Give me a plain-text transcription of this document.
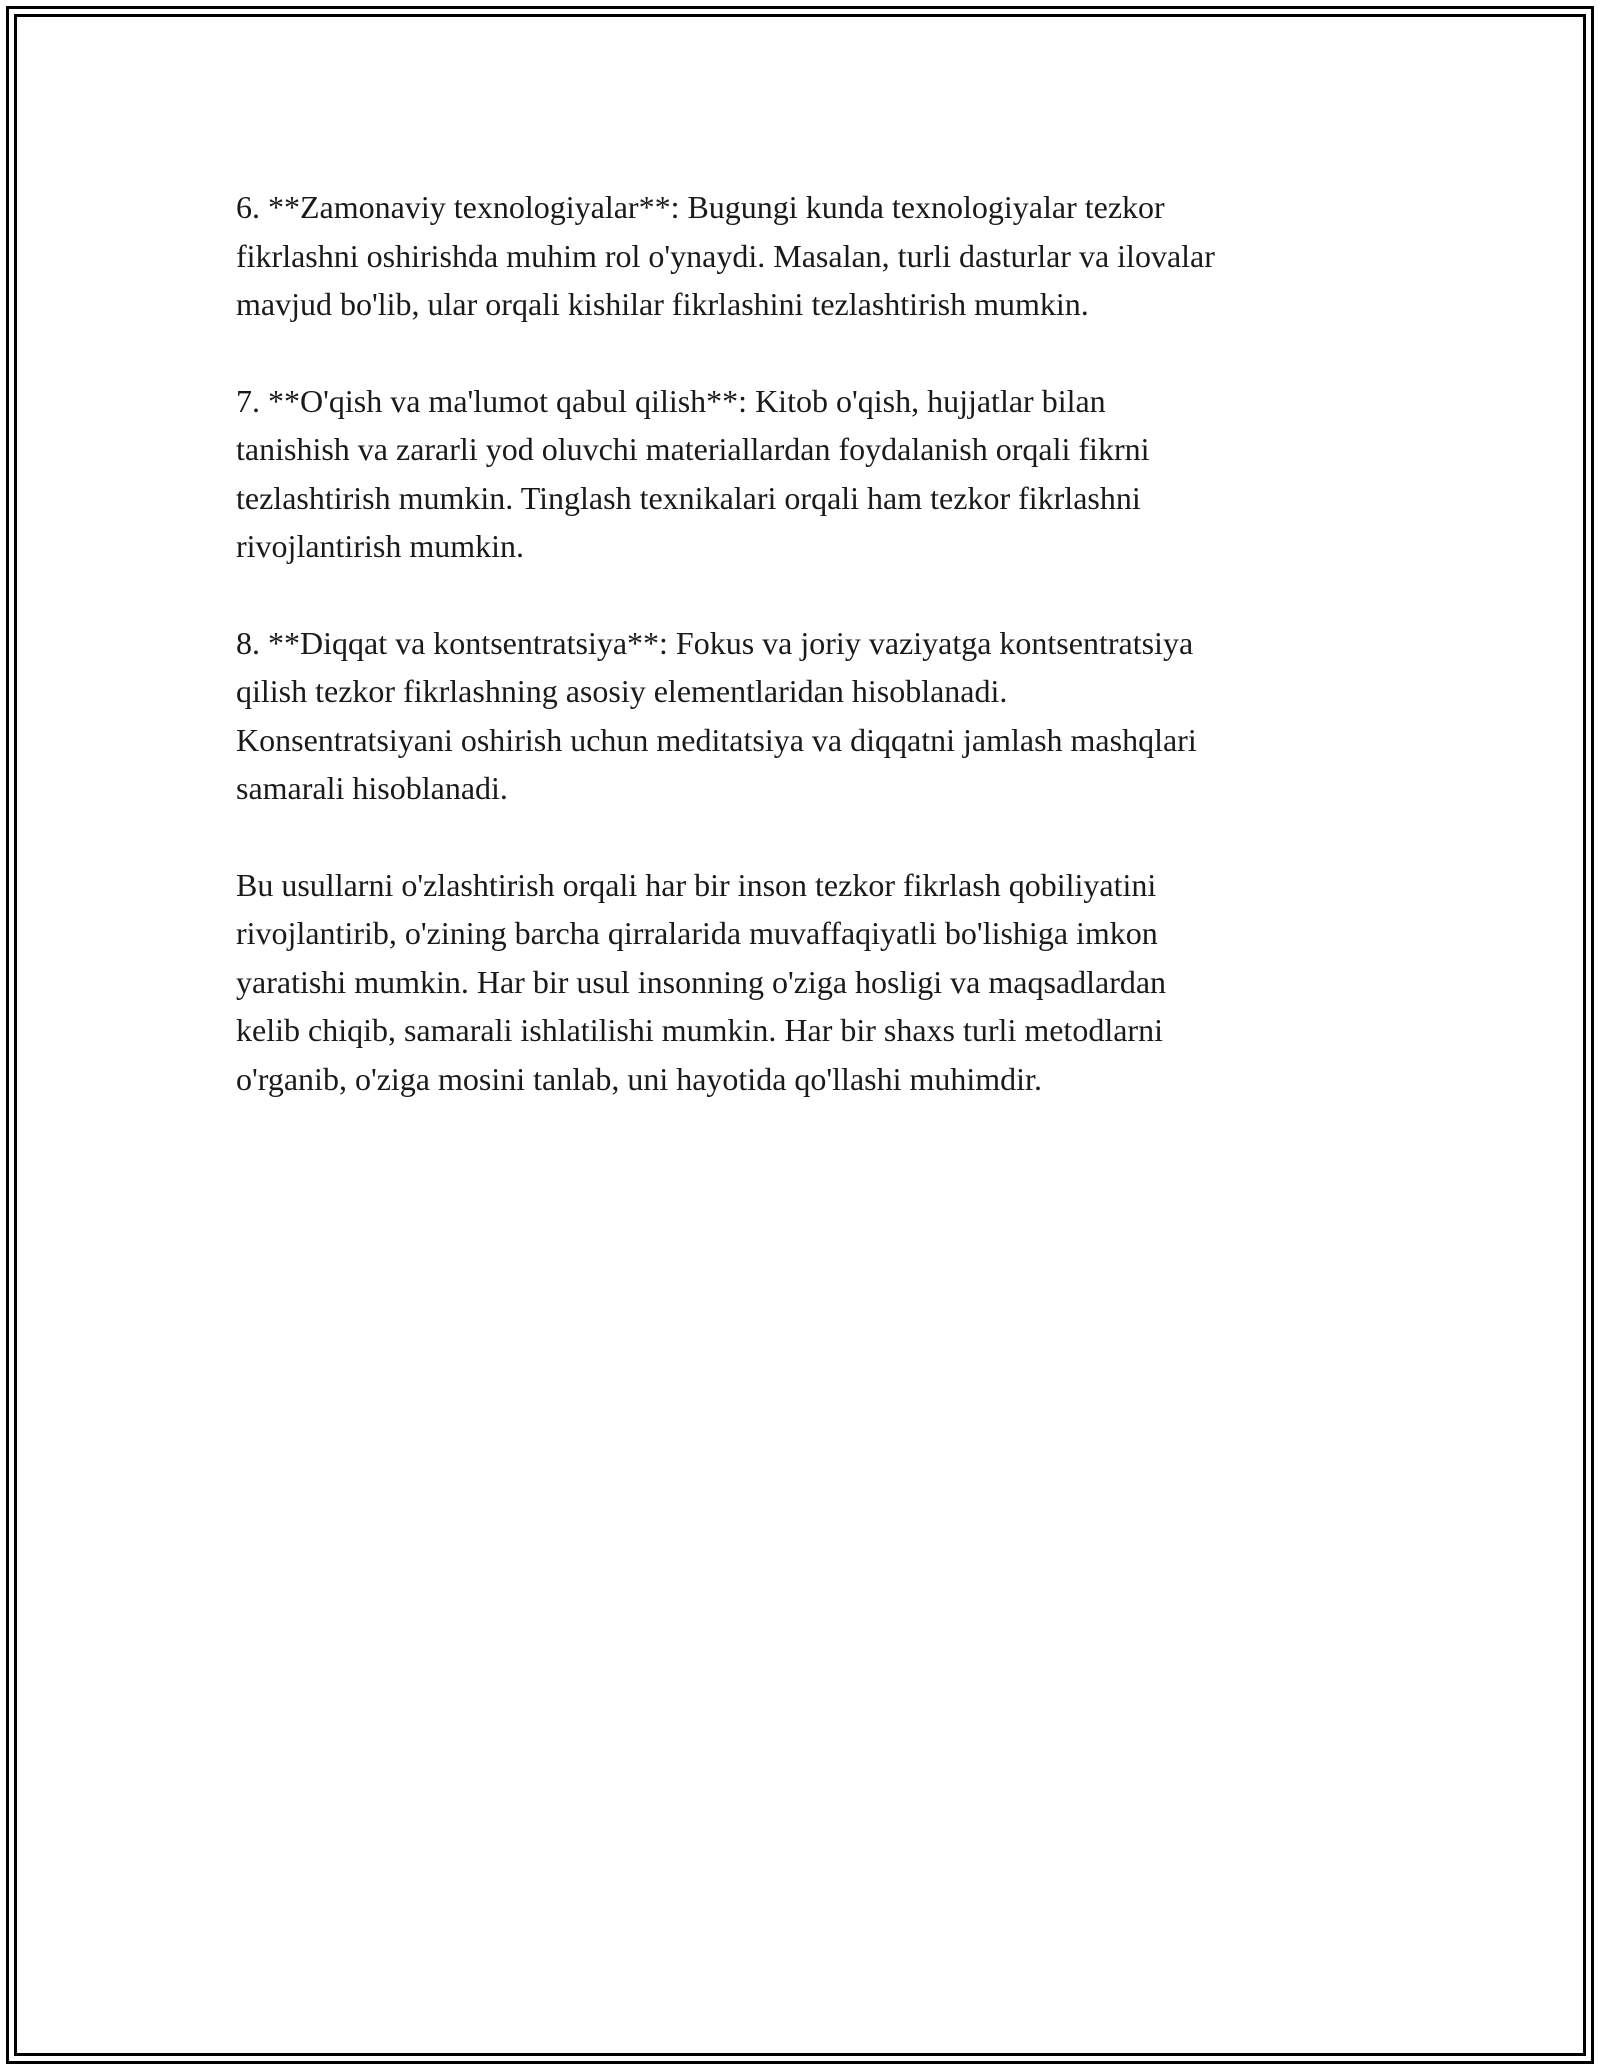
6. **Zamonaviy texnologiyalar**: Bugungi kunda texnologiyalar tezkor
fikrlashni oshirishda muhim rol o'ynaydi. Masalan, turli dasturlar va ilovalar
mavjud bo'lib, ular orqali kishilar fikrlashini tezlashtirish mumkin.

7. **O'qish va ma'lumot qabul qilish**: Kitob o'qish, hujjatlar bilan
tanishish va zararli yod oluvchi materiallardan foydalanish orqali fikrni
tezlashtirish mumkin. Tinglash texnikalari orqali ham tezkor fikrlashni
rivojlantirish mumkin.

8. **Diqqat va kontsentratsiya**: Fokus va joriy vaziyatga kontsentratsiya
qilish tezkor fikrlashning asosiy elementlaridan hisoblanadi.
Konsentratsiyani oshirish uchun meditatsiya va diqqatni jamlash mashqlari
samarali hisoblanadi.

Bu usullarni o'zlashtirish orqali har bir inson tezkor fikrlash qobiliyatini
rivojlantirib, o'zining barcha qirralarida muvaffaqiyatli bo'lishiga imkon
yaratishi mumkin. Har bir usul insonning o'ziga hosligi va maqsadlardan
kelib chiqib, samarali ishlatilishi mumkin. Har bir shaxs turli metodlarni
o'rganib, o'ziga mosini tanlab, uni hayotida qo'llashi muhimdir.
